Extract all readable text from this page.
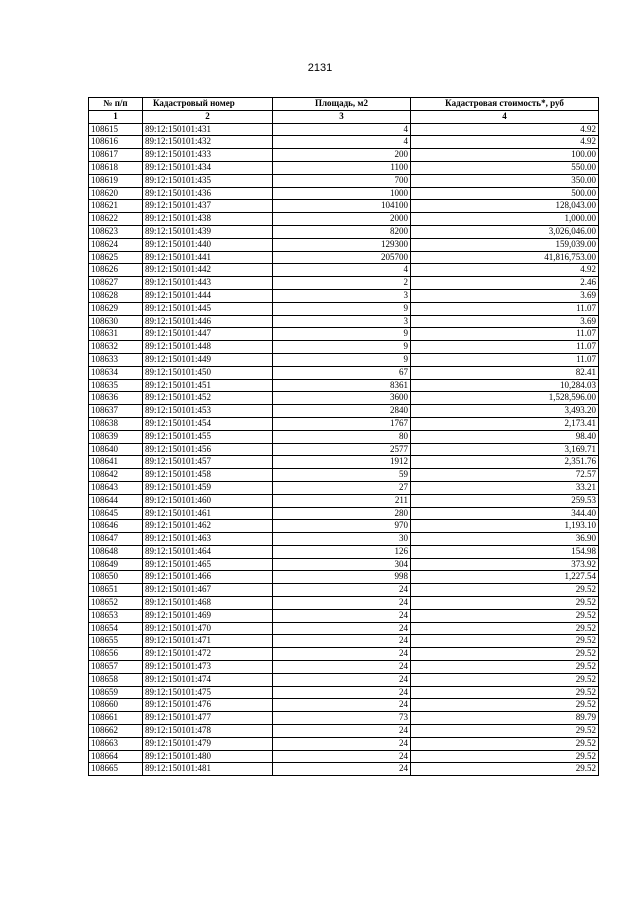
2131
№ п/п	Кадастровый номер	Площадь, м2	Кадастровая стоимость*, руб
1	2	3	4
108615	89:12:150101:431	4	4.92
108616	89:12:150101:432	4	4.92
108617	89:12:150101:433	200	100.00
108618	89:12:150101:434	1100	550.00
108619	89:12:150101:435	700	350.00
108620	89:12:150101:436	1000	500.00
108621	89:12:150101:437	104100	128,043.00
108622	89:12:150101:438	2000	1,000.00
108623	89:12:150101:439	8200	3,026,046.00
108624	89:12:150101:440	129300	159,039.00
108625	89:12:150101:441	205700	41,816,753.00
108626	89:12:150101:442	4	4.92
108627	89:12:150101:443	2	2.46
108628	89:12:150101:444	3	3.69
108629	89:12:150101:445	9	11.07
108630	89:12:150101:446	3	3.69
108631	89:12:150101:447	9	11.07
108632	89:12:150101:448	9	11.07
108633	89:12:150101:449	9	11.07
108634	89:12:150101:450	67	82.41
108635	89:12:150101:451	8361	10,284.03
108636	89:12:150101:452	3600	1,528,596.00
108637	89:12:150101:453	2840	3,493.20
108638	89:12:150101:454	1767	2,173.41
108639	89:12:150101:455	80	98.40
108640	89:12:150101:456	2577	3,169.71
108641	89:12:150101:457	1912	2,351.76
108642	89:12:150101:458	59	72.57
108643	89:12:150101:459	27	33.21
108644	89:12:150101:460	211	259.53
108645	89:12:150101:461	280	344.40
108646	89:12:150101:462	970	1,193.10
108647	89:12:150101:463	30	36.90
108648	89:12:150101:464	126	154.98
108649	89:12:150101:465	304	373.92
108650	89:12:150101:466	998	1,227.54
108651	89:12:150101:467	24	29.52
108652	89:12:150101:468	24	29.52
108653	89:12:150101:469	24	29.52
108654	89:12:150101:470	24	29.52
108655	89:12:150101:471	24	29.52
108656	89:12:150101:472	24	29.52
108657	89:12:150101:473	24	29.52
108658	89:12:150101:474	24	29.52
108659	89:12:150101:475	24	29.52
108660	89:12:150101:476	24	29.52
108661	89:12:150101:477	73	89.79
108662	89:12:150101:478	24	29.52
108663	89:12:150101:479	24	29.52
108664	89:12:150101:480	24	29.52
108665	89:12:150101:481	24	29.52
